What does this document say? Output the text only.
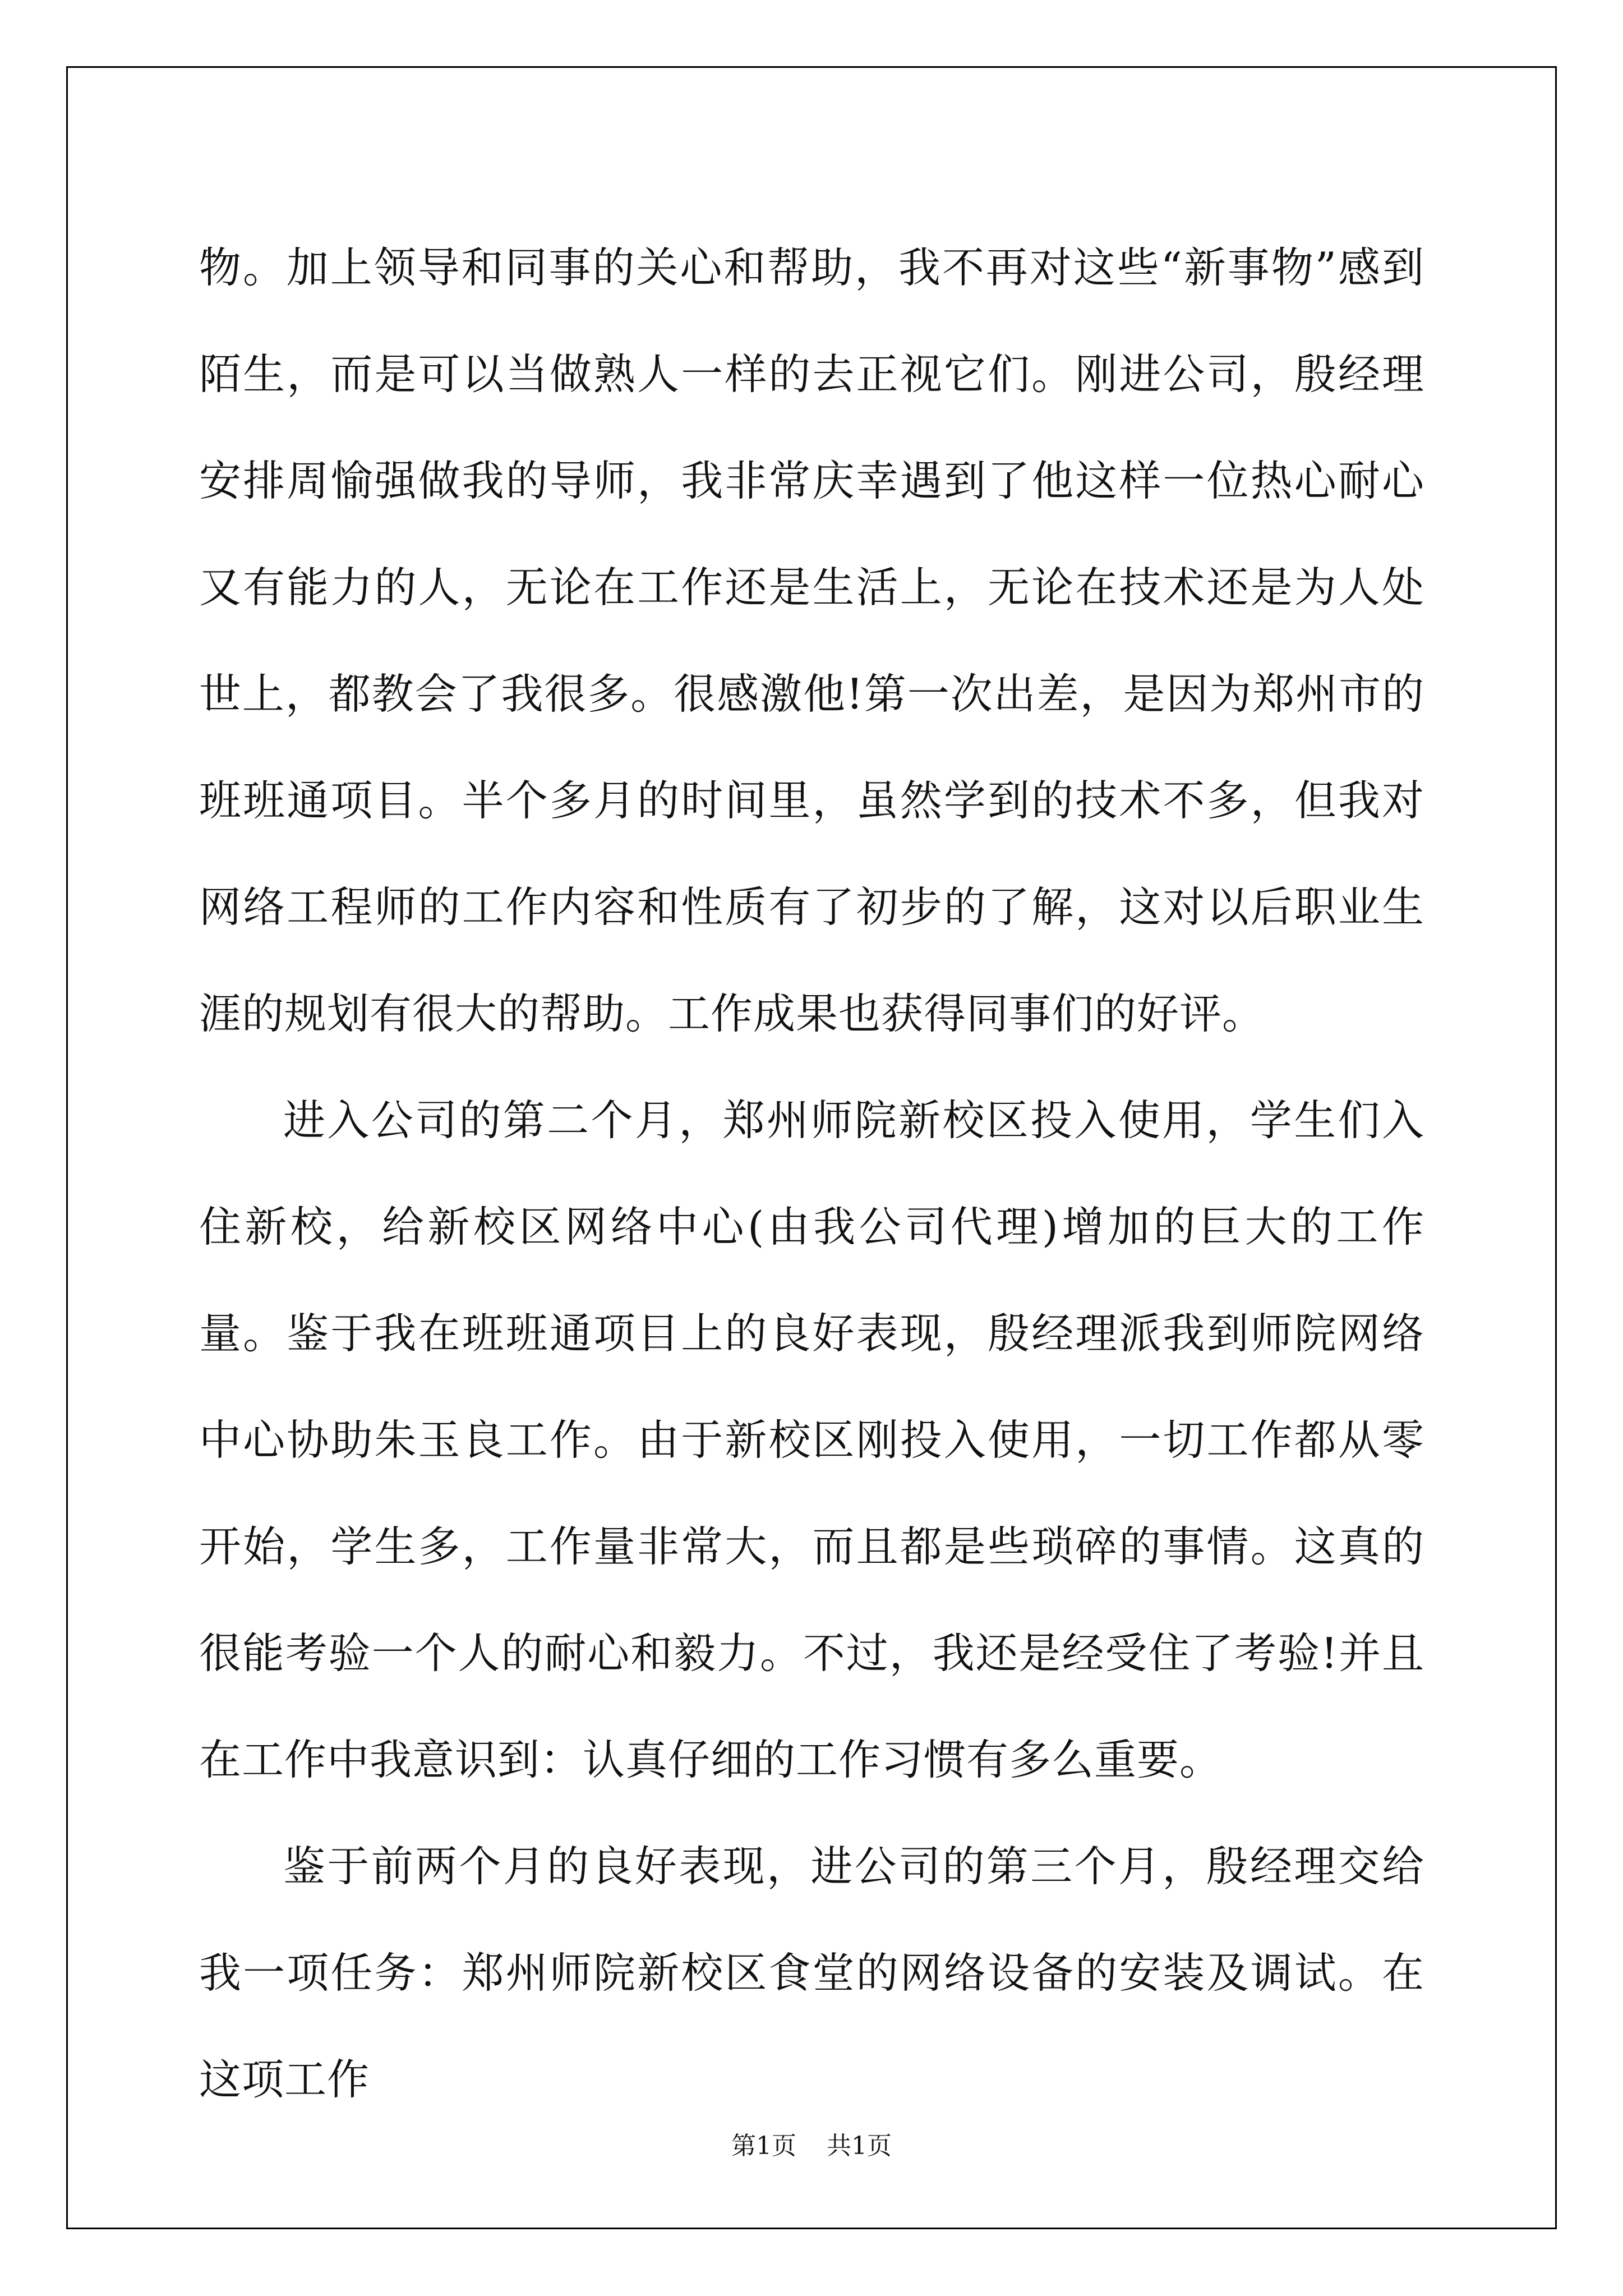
物。加上领导和同事的关心和帮助，我不再对这些“新事物”感到陌生，而是可以当做熟人一样的去正视它们。刚进公司，殷经理安排周愉强做我的导师，我非常庆幸遇到了他这样一位热心耐心又有能力的人，无论在工作还是生活上，无论在技术还是为人处世上，都教会了我很多。很感激他!第一次出差，是因为郑州市的班班通项目。半个多月的时间里，虽然学到的技术不多，但我对网络工程师的工作内容和性质有了初步的了解，这对以后职业生涯的规划有很大的帮助。工作成果也获得同事们的好评。

进入公司的第二个月，郑州师院新校区投入使用，学生们入住新校，给新校区网络中心(由我公司代理)增加的巨大的工作量。鉴于我在班班通项目上的良好表现，殷经理派我到师院网络中心协助朱玉良工作。由于新校区刚投入使用，一切工作都从零开始，学生多，工作量非常大，而且都是些琐碎的事情。这真的很能考验一个人的耐心和毅力。不过，我还是经受住了考验!并且在工作中我意识到：认真仔细的工作习惯有多么重要。

鉴于前两个月的良好表现，进公司的第三个月，殷经理交给我一项任务：郑州师院新校区食堂的网络设备的安装及调试。在这项工作

第1页 共1页
